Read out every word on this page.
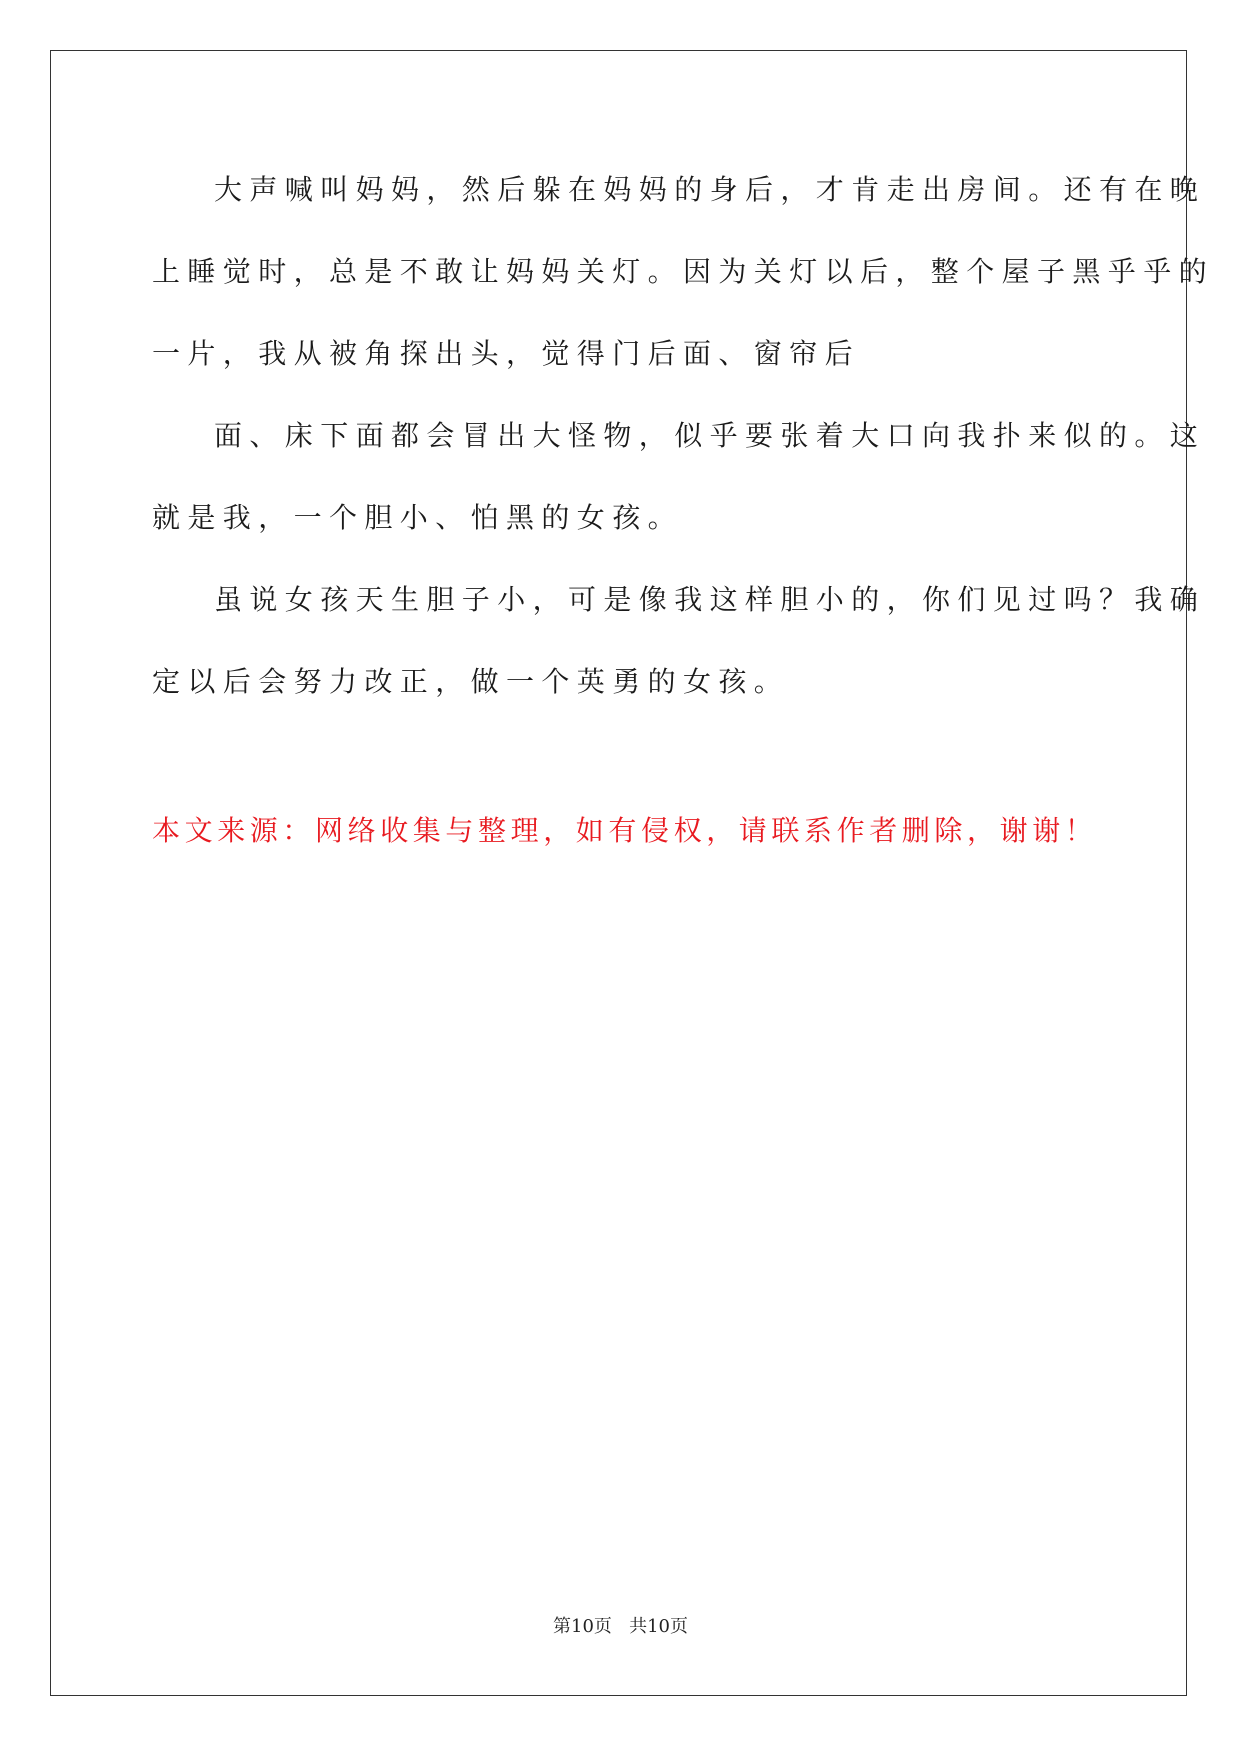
大声喊叫妈妈，然后躲在妈妈的身后，才肯走出房间。还有在晚
上睡觉时，总是不敢让妈妈关灯。因为关灯以后，整个屋子黑乎乎的
一片，我从被角探出头，觉得门后面、窗帘后
面、床下面都会冒出大怪物，似乎要张着大口向我扑来似的。这
就是我，一个胆小、怕黑的女孩。
虽说女孩天生胆子小，可是像我这样胆小的，你们见过吗？我确
定以后会努力改正，做一个英勇的女孩。
本文来源：网络收集与整理，如有侵权，请联系作者删除，谢谢！
第10页   共10页
